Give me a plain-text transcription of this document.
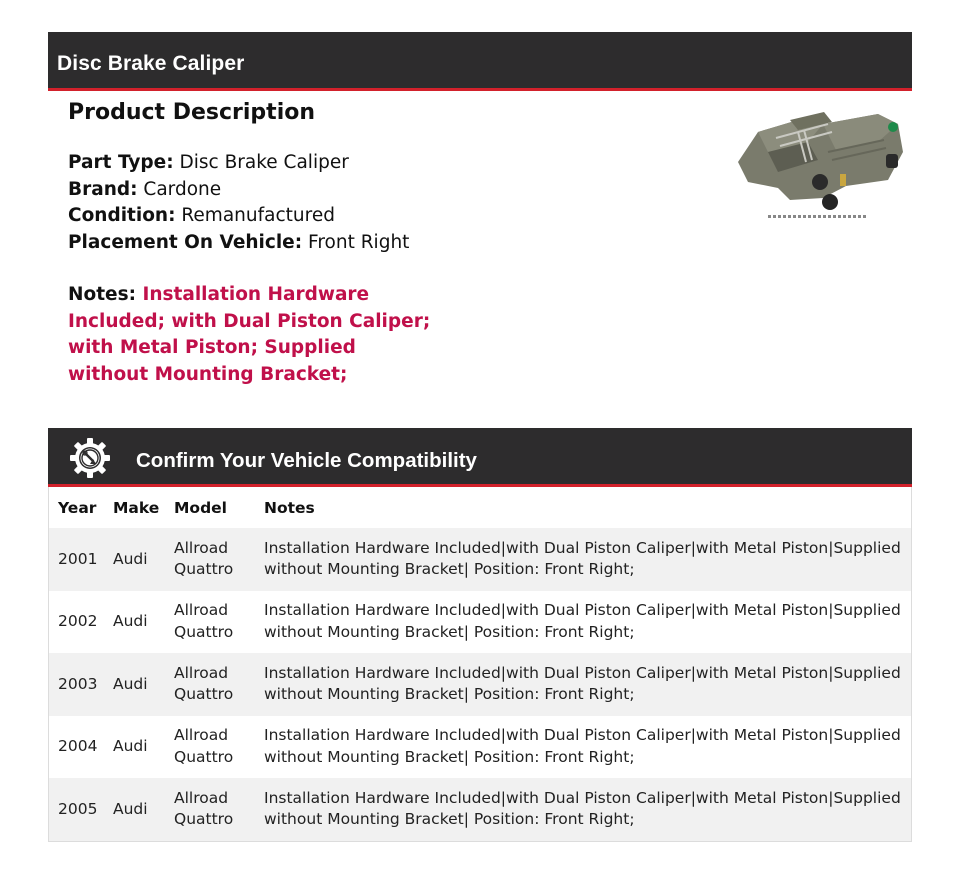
Disc Brake Caliper
Product Description
Part Type: Disc Brake Caliper
Brand: Cardone
Condition: Remanufactured
Placement On Vehicle: Front Right
Notes: Installation Hardware Included; with Dual Piston Caliper; with Metal Piston; Supplied without Mounting Bracket;
Confirm Your Vehicle Compatibility
Year	Make	Model	Notes
2001	Audi	Allroad Quattro	Installation Hardware Included|with Dual Piston Caliper|with Metal Piston|Supplied without Mounting Bracket| Position: Front Right;
2002	Audi	Allroad Quattro	Installation Hardware Included|with Dual Piston Caliper|with Metal Piston|Supplied without Mounting Bracket| Position: Front Right;
2003	Audi	Allroad Quattro	Installation Hardware Included|with Dual Piston Caliper|with Metal Piston|Supplied without Mounting Bracket| Position: Front Right;
2004	Audi	Allroad Quattro	Installation Hardware Included|with Dual Piston Caliper|with Metal Piston|Supplied without Mounting Bracket| Position: Front Right;
2005	Audi	Allroad Quattro	Installation Hardware Included|with Dual Piston Caliper|with Metal Piston|Supplied without Mounting Bracket| Position: Front Right;
